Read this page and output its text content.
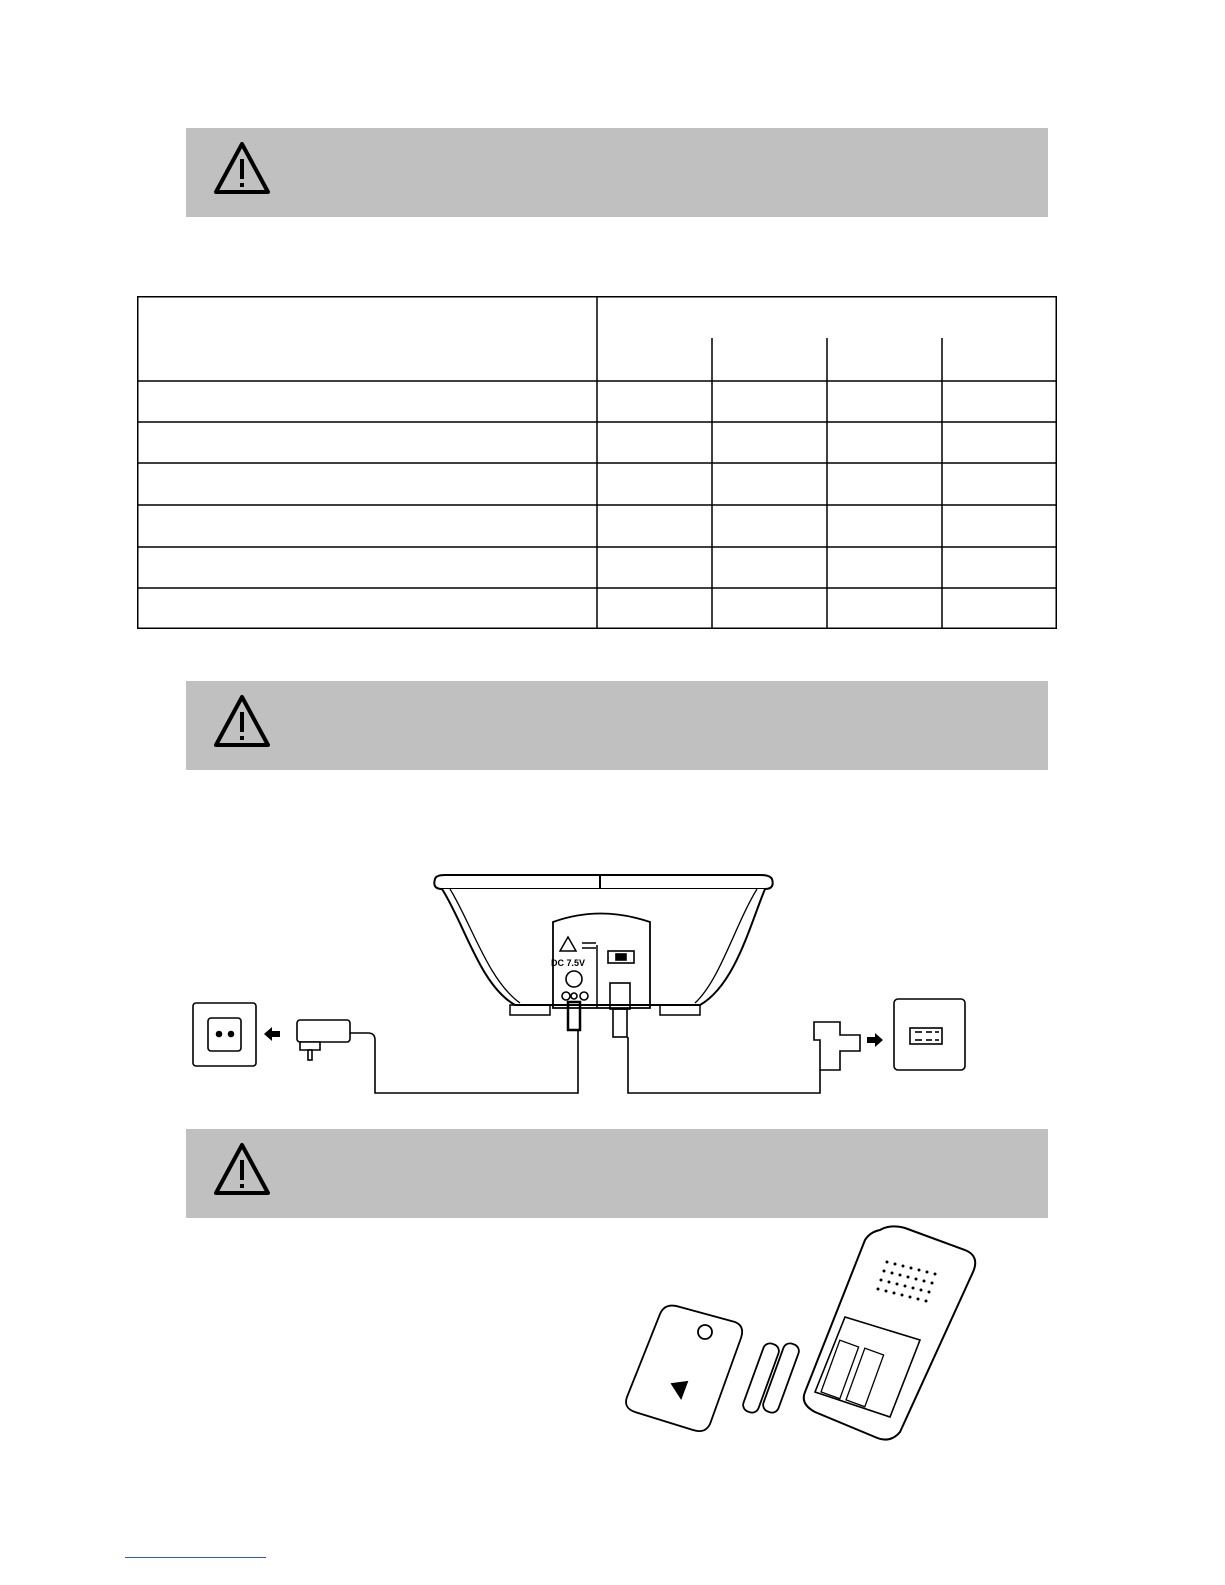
DC 7.5V
